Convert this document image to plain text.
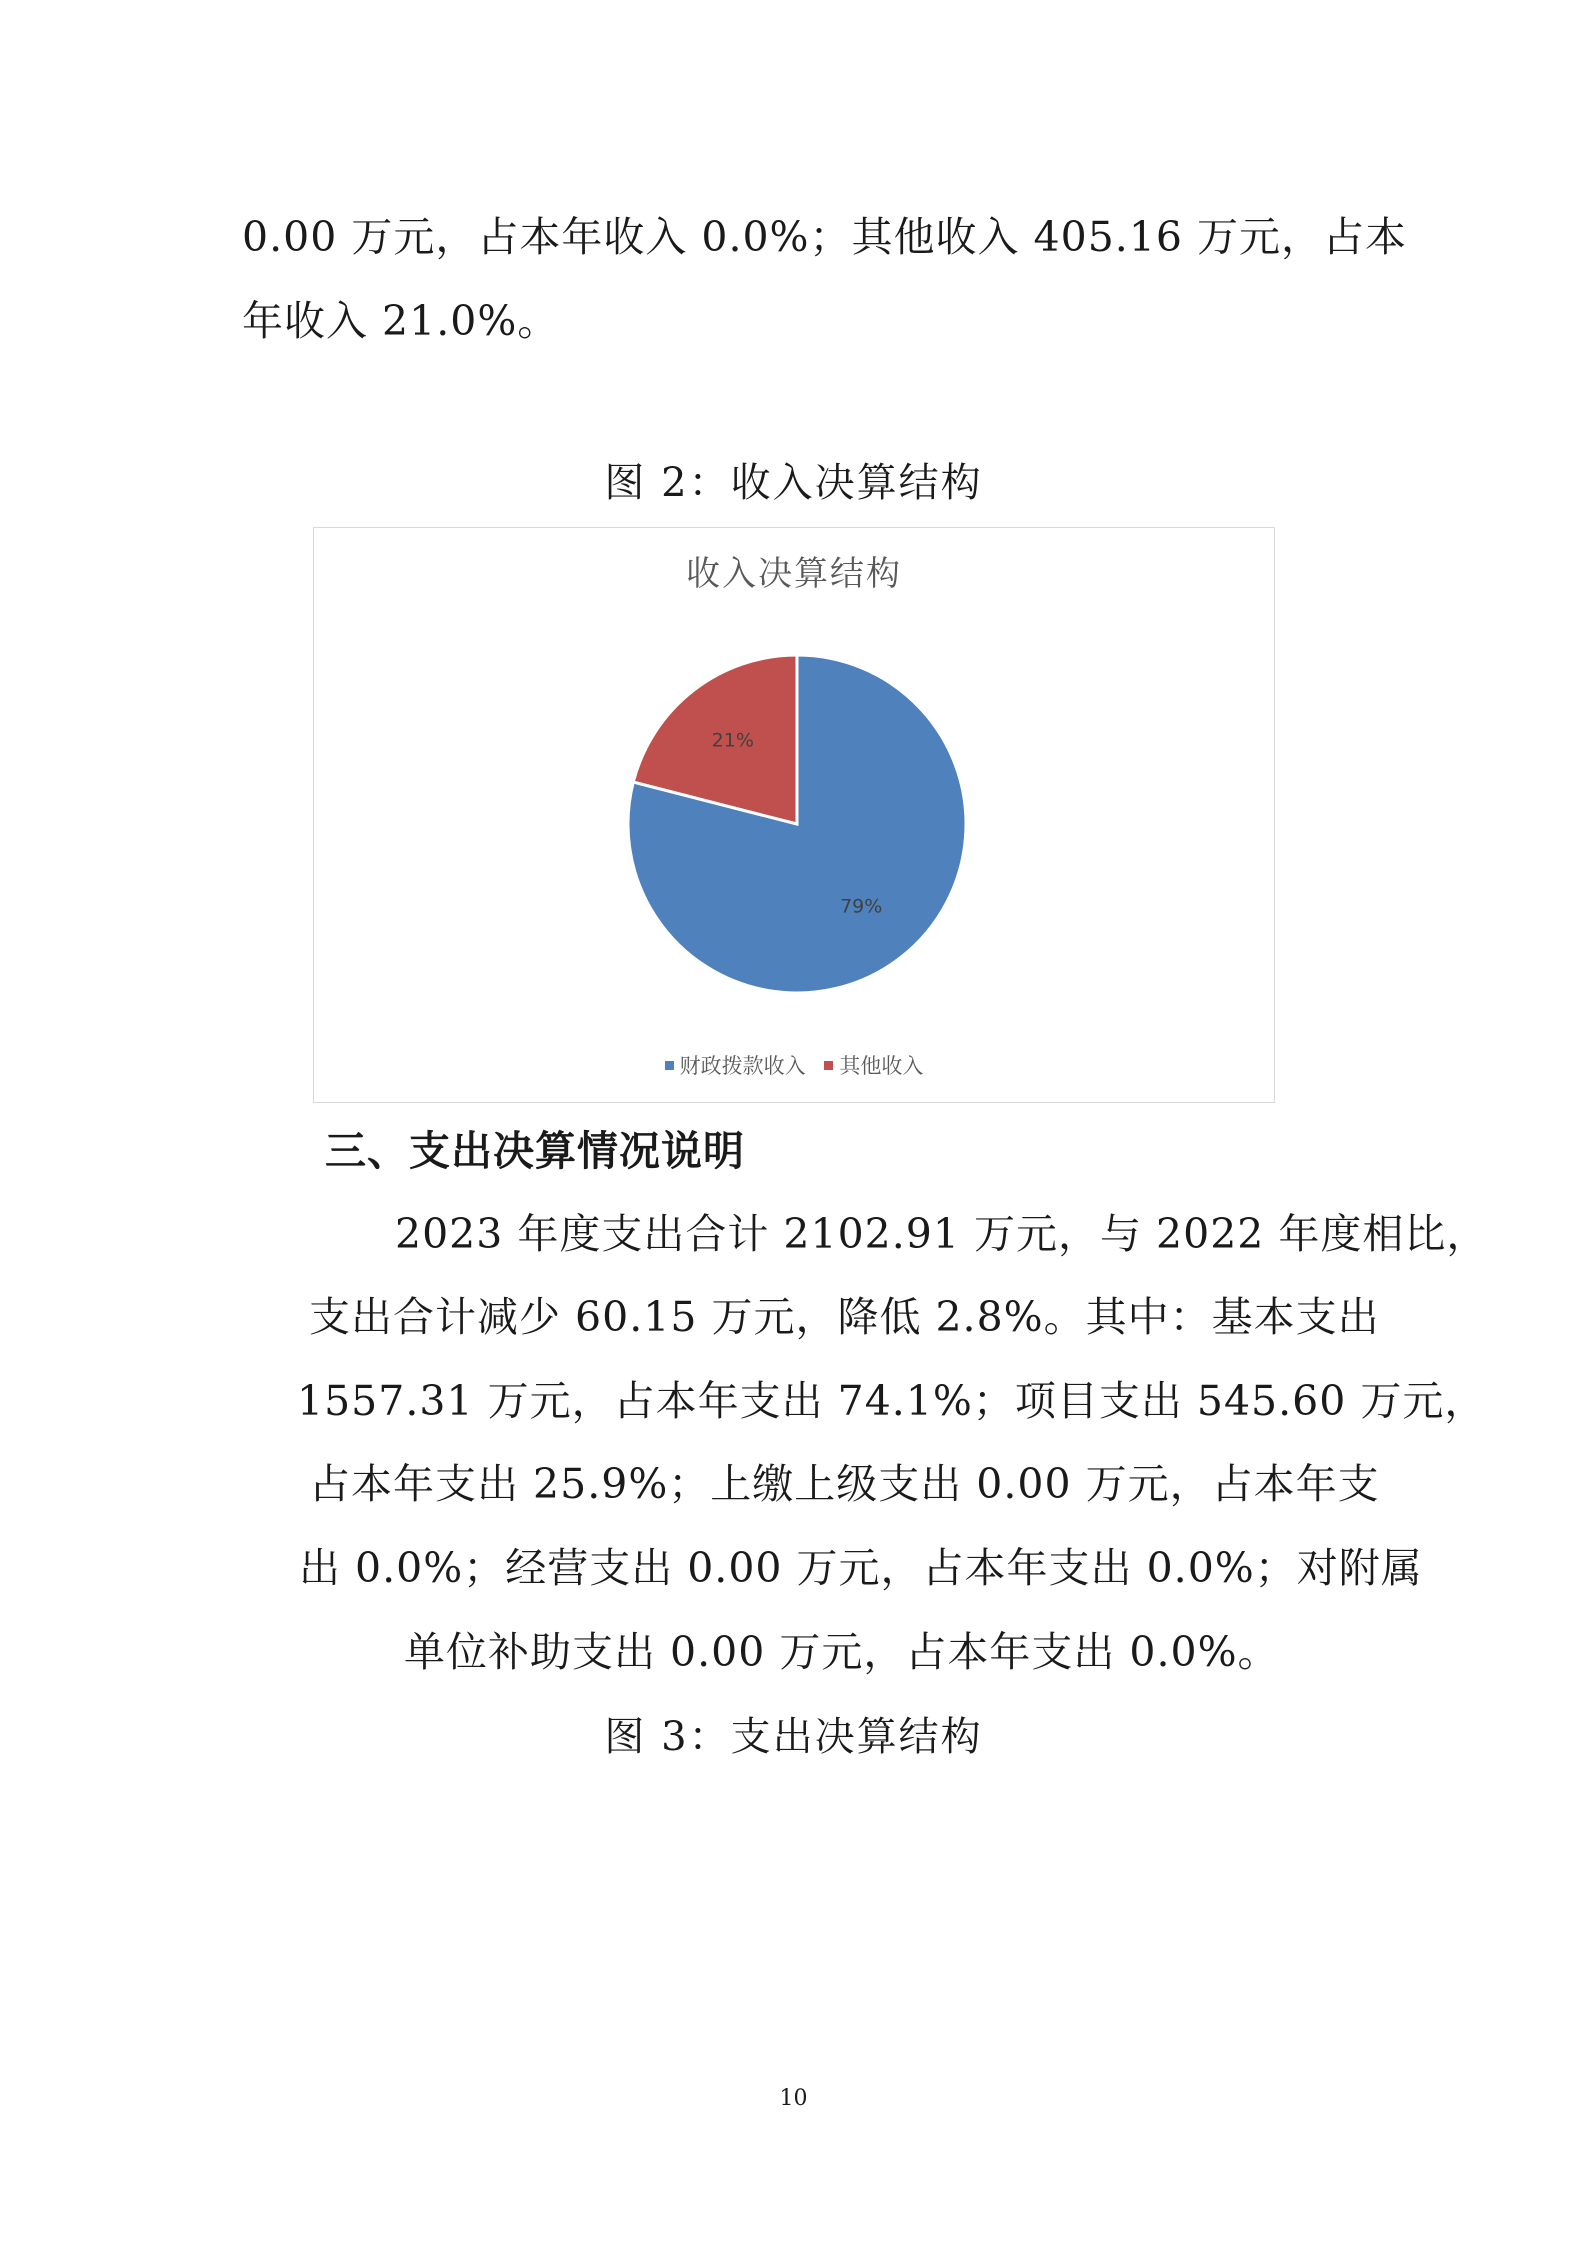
0.00 万元，占本年收入 0.0%；其他收入 405.16 万元，占本
年收入 21.0%。
图 2：收入决算结构
收入决算结构
79%
21%
财政拨款收入
其他收入
三、支出决算情况说明
2023 年度支出合计 2102.91 万元，与 2022 年度相比，
支出合计减少 60.15 万元，降低 2.8%。其中：基本支出
1557.31 万元，占本年支出 74.1%；项目支出 545.60 万元，
占本年支出 25.9%；上缴上级支出 0.00 万元，占本年支
出 0.0%；经营支出 0.00 万元，占本年支出 0.0%；对附属
单位补助支出 0.00 万元，占本年支出 0.0%。
图 3：支出决算结构
10
